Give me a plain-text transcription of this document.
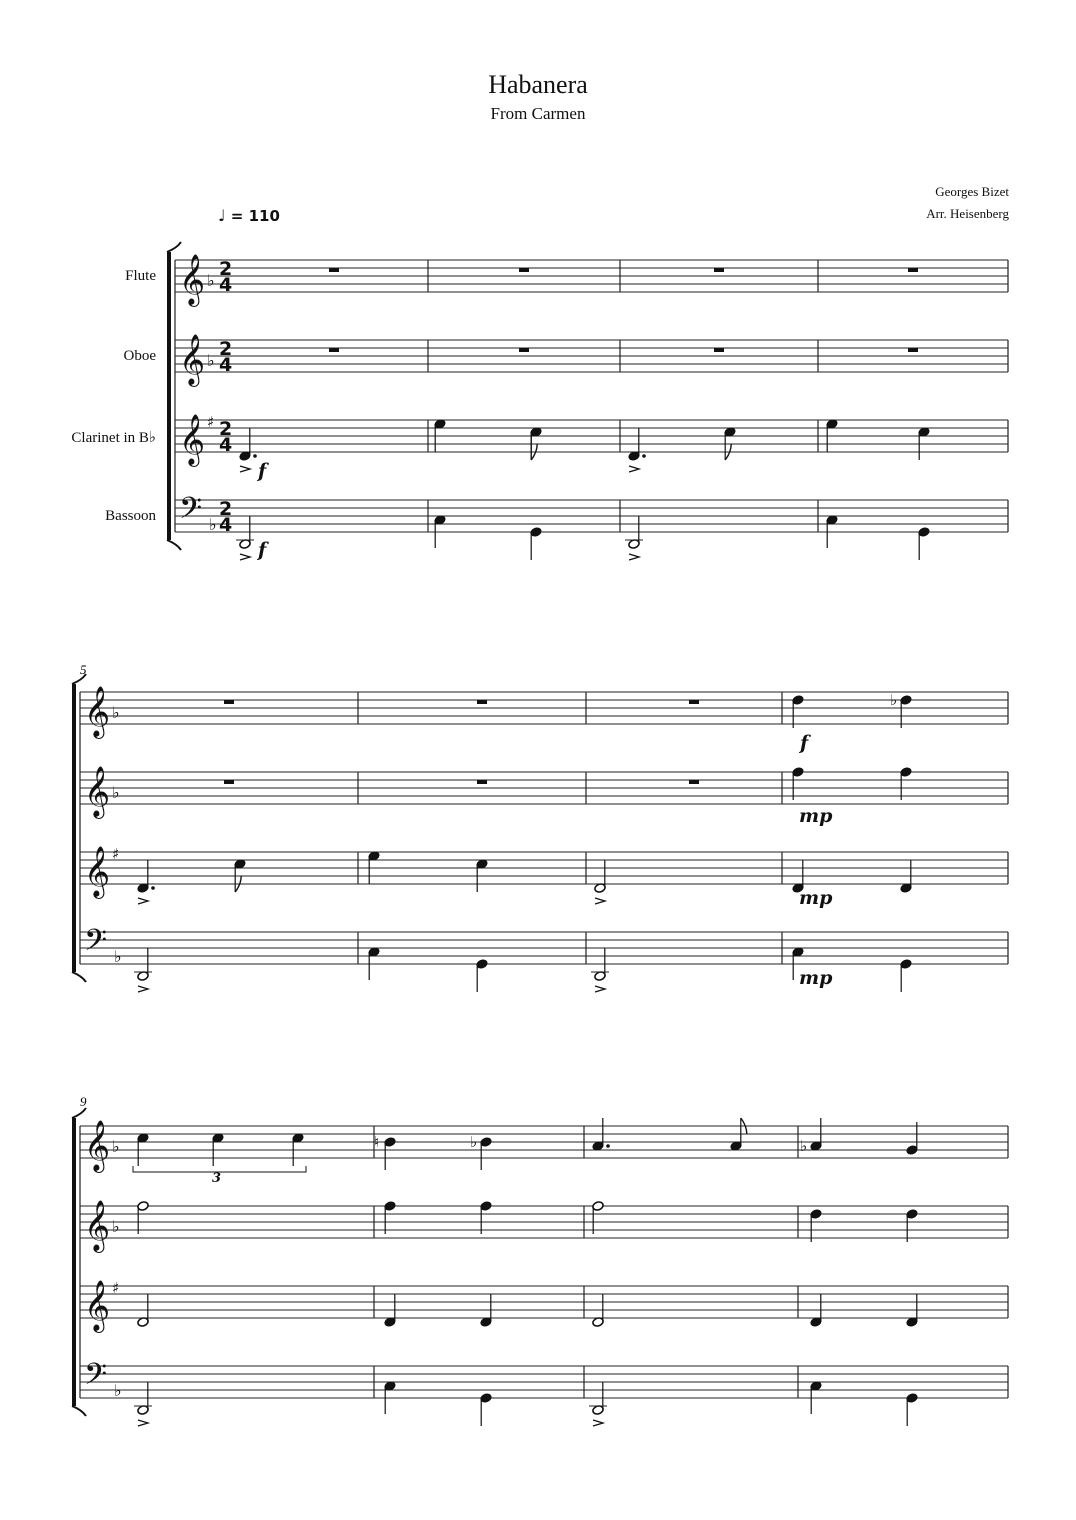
Habanera
From Carmen
Georges Bizet
Arr. Heisenberg
♩ = 110
Flute
Oboe
Clarinet in B♭
Bassoon
𝄞 ♭
2
4
𝄞 ♭
2
4
𝄞 ♯ 2
4
𝄢 ♭
2
4
𝄞 ♭
𝄞 ♭
𝄞 ♯
𝄢 ♭
𝄞 ♭
𝄞 ♭
𝄞 ♯
𝄢 ♭
f
f
♭
f
mp
mp
mp
3
♮	♭	♭
5
9
